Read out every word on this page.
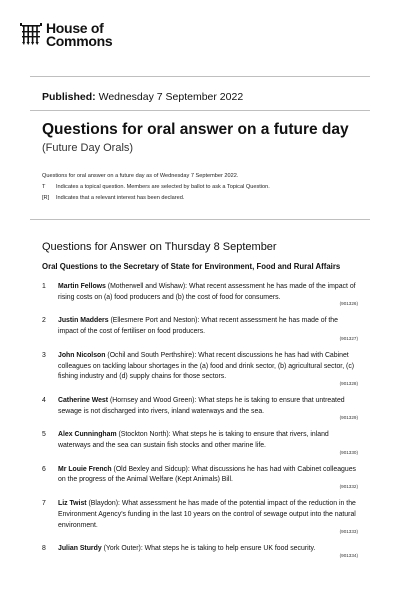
House of
Commons
Published: Wednesday 7 September 2022
Questions for oral answer on a future day
(Future Day Orals)
Questions for oral answer on a future day as of Wednesday 7 September 2022.
T	Indicates a topical question. Members are selected by ballot to ask a Topical Question.
[R]	Indicates that a relevant interest has been declared.
Questions for Answer on Thursday 8 September
Oral Questions to the Secretary of State for Environment, Food and Rural Affairs
1	Martin Fellows (Motherwell and Wishaw): What recent assessment he has made of the impact of rising costs on (a) food producers and (b) the cost of food for consumers.
(901326)
2	Justin Madders (Ellesmere Port and Neston): What recent assessment he has made of the impact of the cost of fertiliser on food producers.
(901327)
3	John Nicolson (Ochil and South Perthshire): What recent discussions he has had with Cabinet colleagues on tackling labour shortages in the (a) food and drink sector, (b) agricultural sector, (c) fishing industry and (d) supply chains for those sectors.
(901328)
4	Catherine West (Hornsey and Wood Green): What steps he is taking to ensure that untreated sewage is not discharged into rivers, inland waterways and the sea.
(901329)
5	Alex Cunningham (Stockton North): What steps he is taking to ensure that rivers, inland waterways and the sea can sustain fish stocks and other marine life.
(901330)
6	Mr Louie French (Old Bexley and Sidcup): What discussions he has had with Cabinet colleagues on the progress of the Animal Welfare (Kept Animals) Bill.
(901332)
7	Liz Twist (Blaydon): What assessment he has made of the potential impact of the reduction in the Environment Agency's funding in the last 10 years on the control of sewage output into the natural environment.
(901333)
8	Julian Sturdy (York Outer): What steps he is taking to help ensure UK food security.
(901334)
